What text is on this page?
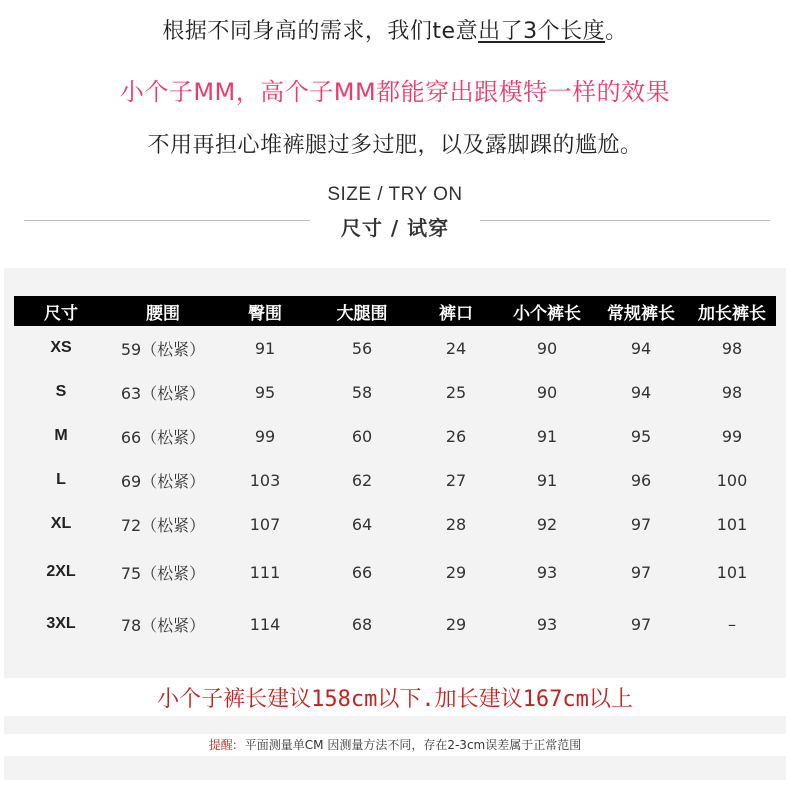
根据不同身高的需求，我们te意出了3个长度。
小个子MM，高个子MM都能穿出跟模特一样的效果
不用再担心堆裤腿过多过肥，以及露脚踝的尴尬。
SIZE / TRY ON
尺寸 / 试穿
尺寸	腰围	臀围	大腿围	裤口	小个裤长	常规裤长	加长裤长
XS	59（松紧）	91	56	24	90	94	98
S	63（松紧）	95	58	25	90	94	98
M	66（松紧）	99	60	26	91	95	99
L	69（松紧）	103	62	27	91	96	100
XL	72（松紧）	107	64	28	92	97	101
2XL	75（松紧）	111	66	29	93	97	101
3XL	78（松紧）	114	68	29	93	97	–
小个子裤长建议158cm以下.加长建议167cm以上
提醒: 平面测量单CM 因测量方法不同，存在2-3cm误差属于正常范围
